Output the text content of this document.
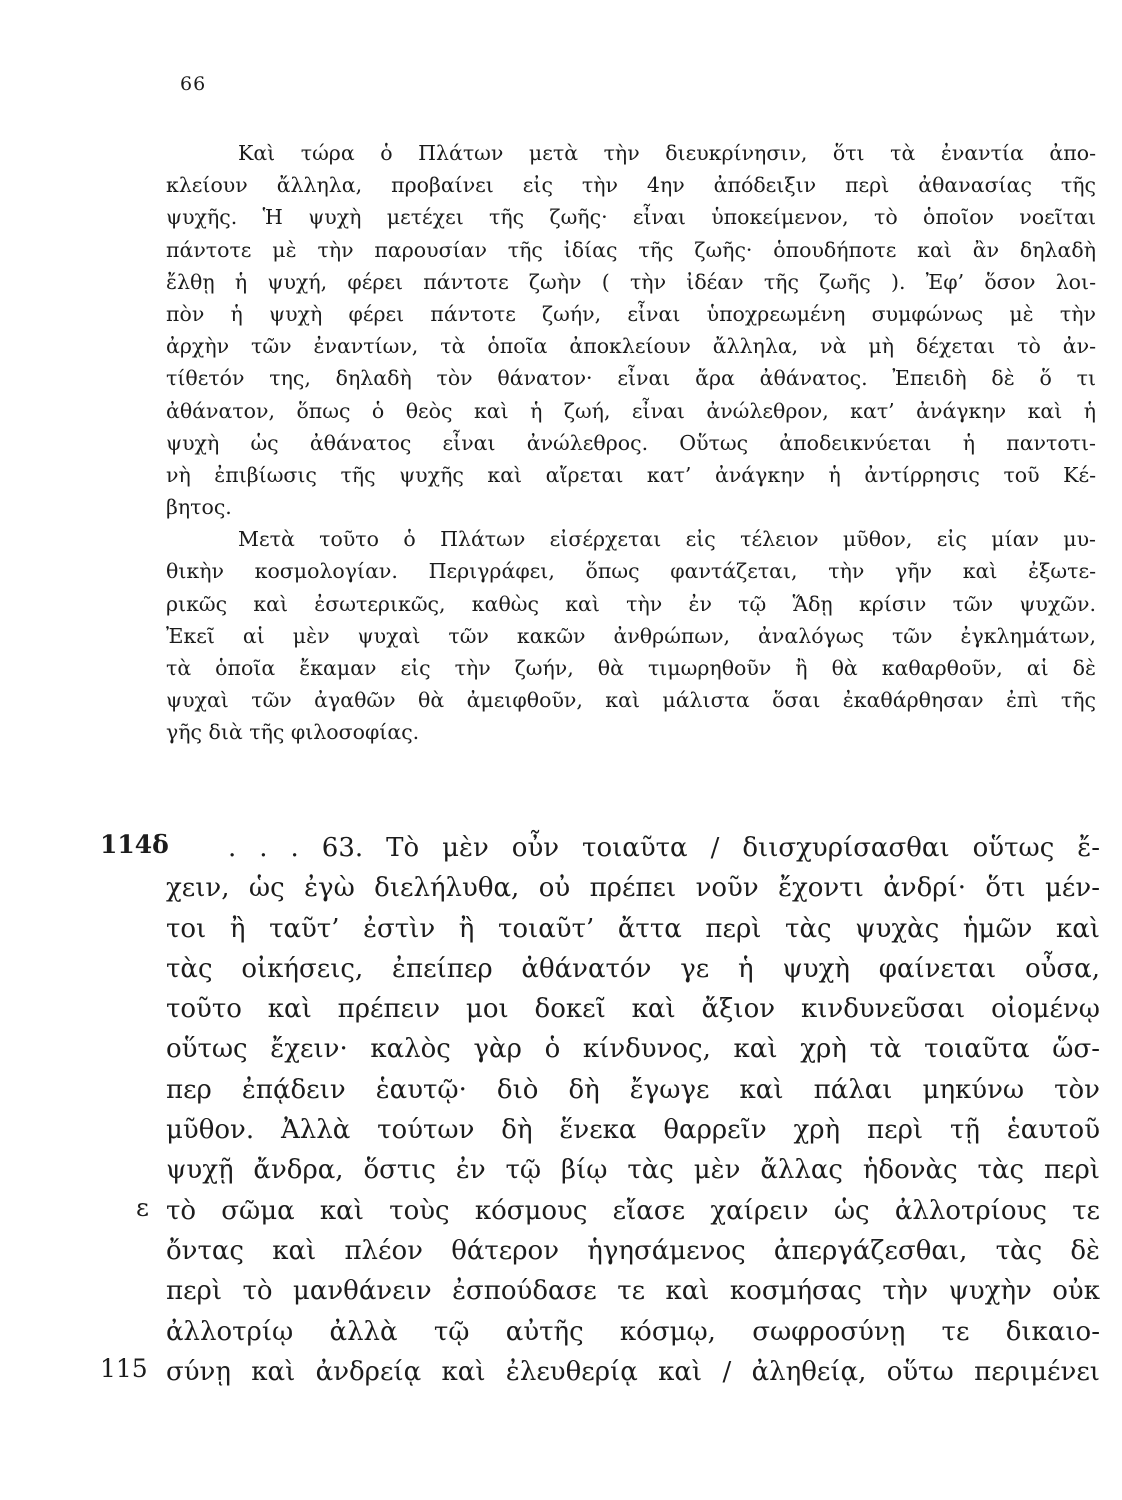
66
Καὶ τώρα ὁ Πλάτων μετὰ τὴν διευκρίνησιν, ὅτι τὰ ἐναντία ἀπο-
κλείουν ἄλληλα, προβαίνει εἰς τὴν 4ην ἀπόδειξιν περὶ ἀθανασίας τῆς
ψυχῆς. Ἡ ψυχὴ μετέχει τῆς ζωῆς· εἶναι ὑποκείμενον, τὸ ὁποῖον νοεῖται
πάντοτε μὲ τὴν παρουσίαν τῆς ἰδίας τῆς ζωῆς· ὁπουδήποτε καὶ ἂν δηλαδὴ
ἔλθῃ ἡ ψυχή, φέρει πάντοτε ζωὴν ( τὴν ἰδέαν τῆς ζωῆς ). Ἐφ’ ὅσον λοι-
πὸν ἡ ψυχὴ φέρει πάντοτε ζωήν, εἶναι ὑποχρεωμένη συμφώνως μὲ τὴν
ἀρχὴν τῶν ἐναντίων, τὰ ὁποῖα ἀποκλείουν ἄλληλα, νὰ μὴ δέχεται τὸ ἀν-
τίθετόν της, δηλαδὴ τὸν θάνατον· εἶναι ἄρα ἀθάνατος. Ἐπειδὴ δὲ ὅ τι
ἀθάνατον, ὅπως ὁ θεὸς καὶ ἡ ζωή, εἶναι ἀνώλεθρον, κατ’ ἀνάγκην καὶ ἡ
ψυχὴ ὡς ἀθάνατος εἶναι ἀνώλεθρος. Οὕτως ἀποδεικνύεται ἡ παντοτι-
νὴ ἐπιβίωσις τῆς ψυχῆς καὶ αἴρεται κατ’ ἀνάγκην ἡ ἀντίρρησις τοῦ Κέ-
βητος.
Μετὰ τοῦτο ὁ Πλάτων εἰσέρχεται εἰς τέλειον μῦθον, εἰς μίαν μυ-
θικὴν κοσμολογίαν. Περιγράφει, ὅπως φαντάζεται, τὴν γῆν καὶ ἐξωτε-
ρικῶς καὶ ἐσωτερικῶς, καθὼς καὶ τὴν ἐν τῷ Ἅδῃ κρίσιν τῶν ψυχῶν.
Ἐκεῖ αἱ μὲν ψυχαὶ τῶν κακῶν ἀνθρώπων, ἀναλόγως τῶν ἐγκλημάτων,
τὰ ὁποῖα ἔκαμαν εἰς τὴν ζωήν, θὰ τιμωρηθοῦν ἢ θὰ καθαρθοῦν, αἱ δὲ
ψυχαὶ τῶν ἀγαθῶν θὰ ἀμειφθοῦν, καὶ μάλιστα ὅσαι ἐκαθάρθησαν ἐπὶ τῆς
γῆς διὰ τῆς φιλοσοφίας.
114δ
ε
115
. . . 63. Τὸ μὲν οὖν τοιαῦτα / διισχυρίσασθαι οὕτως ἔ-
χειν, ὡς ἐγὼ διελήλυθα, οὐ πρέπει νοῦν ἔχοντι ἀνδρί· ὅτι μέν-
τοι ἢ ταῦτ’ ἐστὶν ἢ τοιαῦτ’ ἄττα περὶ τὰς ψυχὰς ἡμῶν καὶ
τὰς οἰκήσεις, ἐπείπερ ἀθάνατόν γε ἡ ψυχὴ φαίνεται οὖσα,
τοῦτο καὶ πρέπειν μοι δοκεῖ καὶ ἄξιον κινδυνεῦσαι οἰομένῳ
οὕτως ἔχειν· καλὸς γὰρ ὁ κίνδυνος, καὶ χρὴ τὰ τοιαῦτα ὥσ-
περ ἐπᾴδειν ἑαυτῷ· διὸ δὴ ἔγωγε καὶ πάλαι μηκύνω τὸν
μῦθον. Ἀλλὰ τούτων δὴ ἕνεκα θαρρεῖν χρὴ περὶ τῇ ἑαυτοῦ
ψυχῇ ἄνδρα, ὅστις ἐν τῷ βίῳ τὰς μὲν ἄλλας ἡδονὰς τὰς περὶ
τὸ σῶμα καὶ τοὺς κόσμους εἴασε χαίρειν ὡς ἀλλοτρίους τε
ὄντας καὶ πλέον θάτερον ἡγησάμενος ἀπεργάζεσθαι, τὰς δὲ
περὶ τὸ μανθάνειν ἐσπούδασε τε καὶ κοσμήσας τὴν ψυχὴν οὐκ
ἀλλοτρίῳ ἀλλὰ τῷ αὐτῆς κόσμῳ, σωφροσύνῃ τε δικαιο-
σύνῃ καὶ ἀνδρείᾳ καὶ ἐλευθερίᾳ καὶ / ἀληθείᾳ, οὕτω περιμένει
